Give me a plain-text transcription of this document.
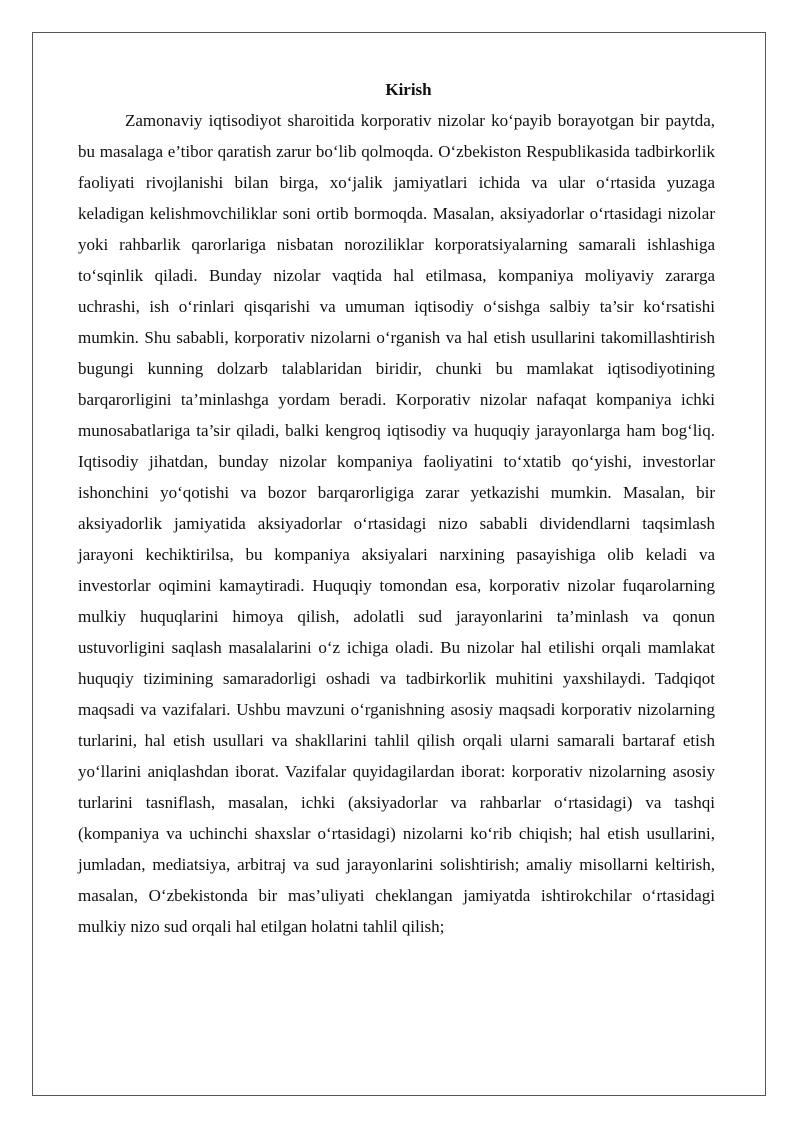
Kirish

Zamonaviy iqtisodiyot sharoitida korporativ nizolar ko‘payib borayotgan bir paytda, bu masalaga e’tibor qaratish zarur bo‘lib qolmoqda. O‘zbekiston Respublikasida tadbirkorlik faoliyati rivojlanishi bilan birga, xo‘jalik jamiyatlari ichida va ular o‘rtasida yuzaga keladigan kelishmovchiliklar soni ortib bormoqda. Masalan, aksiyadorlar o‘rtasidagi nizolar yoki rahbarlik qarorlariga nisbatan noroziliklar korporatsiyalarning samarali ishlashiga to‘sqinlik qiladi. Bunday nizolar vaqtida hal etilmasa, kompaniya moliyaviy zararga uchrashi, ish o‘rinlari qisqarishi va umuman iqtisodiy o‘sishga salbiy ta’sir ko‘rsatishi mumkin. Shu sababli, korporativ nizolarni o‘rganish va hal etish usullarini takomillashtirish bugungi kunning dolzarb talablaridan biridir, chunki bu mamlakat iqtisodiyotining barqarorligini ta’minlashga yordam beradi. Korporativ nizolar nafaqat kompaniya ichki munosabatlariga ta’sir qiladi, balki kengroq iqtisodiy va huquqiy jarayonlarga ham bog‘liq. Iqtisodiy jihatdan, bunday nizolar kompaniya faoliyatini to‘xtatib qo‘yishi, investorlar ishonchini yo‘qotishi va bozor barqarorligiga zarar yetkazishi mumkin. Masalan, bir aksiyadorlik jamiyatida aksiyadorlar o‘rtasidagi nizo sababli dividendlarni taqsimlash jarayoni kechiktirilsa, bu kompaniya aksiyalari narxining pasayishiga olib keladi va investorlar oqimini kamaytiradi. Huquqiy tomondan esa, korporativ nizolar fuqarolarning mulkiy huquqlarini himoya qilish, adolatli sud jarayonlarini ta’minlash va qonun ustuvorligini saqlash masalalarini o‘z ichiga oladi. Bu nizolar hal etilishi orqali mamlakat huquqiy tizimining samaradorligi oshadi va tadbirkorlik muhitini yaxshilaydi. Tadqiqot maqsadi va vazifalari. Ushbu mavzuni o‘rganishning asosiy maqsadi korporativ nizolarning turlarini, hal etish usullari va shakllarini tahlil qilish orqali ularni samarali bartaraf etish yo‘llarini aniqlashdan iborat. Vazifalar quyidagilardan iborat: korporativ nizolarning asosiy turlarini tasniflash, masalan, ichki (aksiyadorlar va rahbarlar o‘rtasidagi) va tashqi (kompaniya va uchinchi shaxslar o‘rtasidagi) nizolarni ko‘rib chiqish; hal etish usullarini, jumladan, mediatsiya, arbitraj va sud jarayonlarini solishtirish; amaliy misollarni keltirish, masalan, O‘zbekistonda bir mas’uliyati cheklangan jamiyatda ishtirokchilar o‘rtasidagi mulkiy nizo sud orqali hal etilgan holatni tahlil qilish;
